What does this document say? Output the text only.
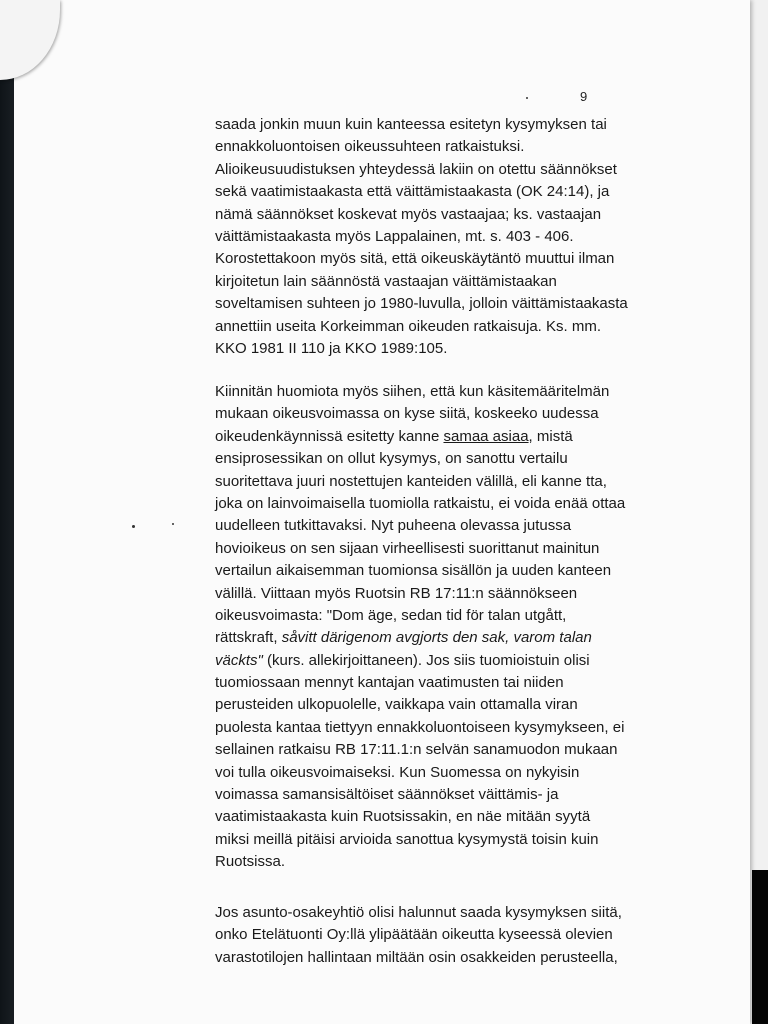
9
saada jonkin muun kuin kanteessa esitetyn kysymyksen tai
ennakkoluontoisen oikeussuhteen ratkaistuksi.
Alioikeusuudistuksen yhteydessä lakiin on otettu säännökset
sekä vaatimistaakasta että väittämistaakasta (OK 24:14), ja
nämä säännökset koskevat myös vastaajaa; ks. vastaajan
väittämistaakasta myös Lappalainen, mt. s. 403 - 406.
Korostettakoon myös sitä, että oikeuskäytäntö muuttui ilman
kirjoitetun lain säännöstä vastaajan väittämistaakan
soveltamisen suhteen jo 1980-luvulla, jolloin väittämistaakasta
annettiin useita Korkeimman oikeuden ratkaisuja. Ks. mm.
KKO 1981 II 110 ja KKO 1989:105.
Kiinnitän huomiota myös siihen, että kun käsitemääritelmän
mukaan oikeusvoimassa on kyse siitä, koskeeko uudessa
oikeudenkäynnissä esitetty kanne samaa asiaa, mistä
ensiprosessikan on ollut kysymys, on sanottu vertailu
suoritettava juuri nostettujen kanteiden välillä, eli kanne tta,
joka on lainvoimaisella tuomiolla ratkaistu, ei voida enää ottaa
uudelleen tutkittavaksi. Nyt puheena olevassa jutussa
hovioikeus on sen sijaan virheellisesti suorittanut mainitun
vertailun aikaisemman tuomionsa sisällön ja uuden kanteen
välillä. Viittaan myös Ruotsin RB 17:11:n säännökseen
oikeusvoimasta: "Dom äge, sedan tid för talan utgått,
rättskraft, såvitt därigenom avgjorts den sak, varom talan
väckts" (kurs. allekirjoittaneen). Jos siis tuomioistuin olisi
tuomiossaan mennyt kantajan vaatimusten tai niiden
perusteiden ulkopuolelle, vaikkapa vain ottamalla viran
puolesta kantaa tiettyyn ennakkoluontoiseen kysymykseen, ei
sellainen ratkaisu RB 17:11.1:n selvän sanamuodon mukaan
voi tulla oikeusvoimaiseksi. Kun Suomessa on nykyisin
voimassa samansisältöiset säännökset väittämis- ja
vaatimistaakasta kuin Ruotsissakin, en näe mitään syytä
miksi meillä pitäisi arvioida sanottua kysymystä toisin kuin
Ruotsissa.
Jos asunto-osakeyhtiö olisi halunnut saada kysymyksen siitä,
onko Etelätuonti Oy:llä ylipäätään oikeutta kyseessä olevien
varastotilojen hallintaan miltään osin osakkeiden perusteella,
